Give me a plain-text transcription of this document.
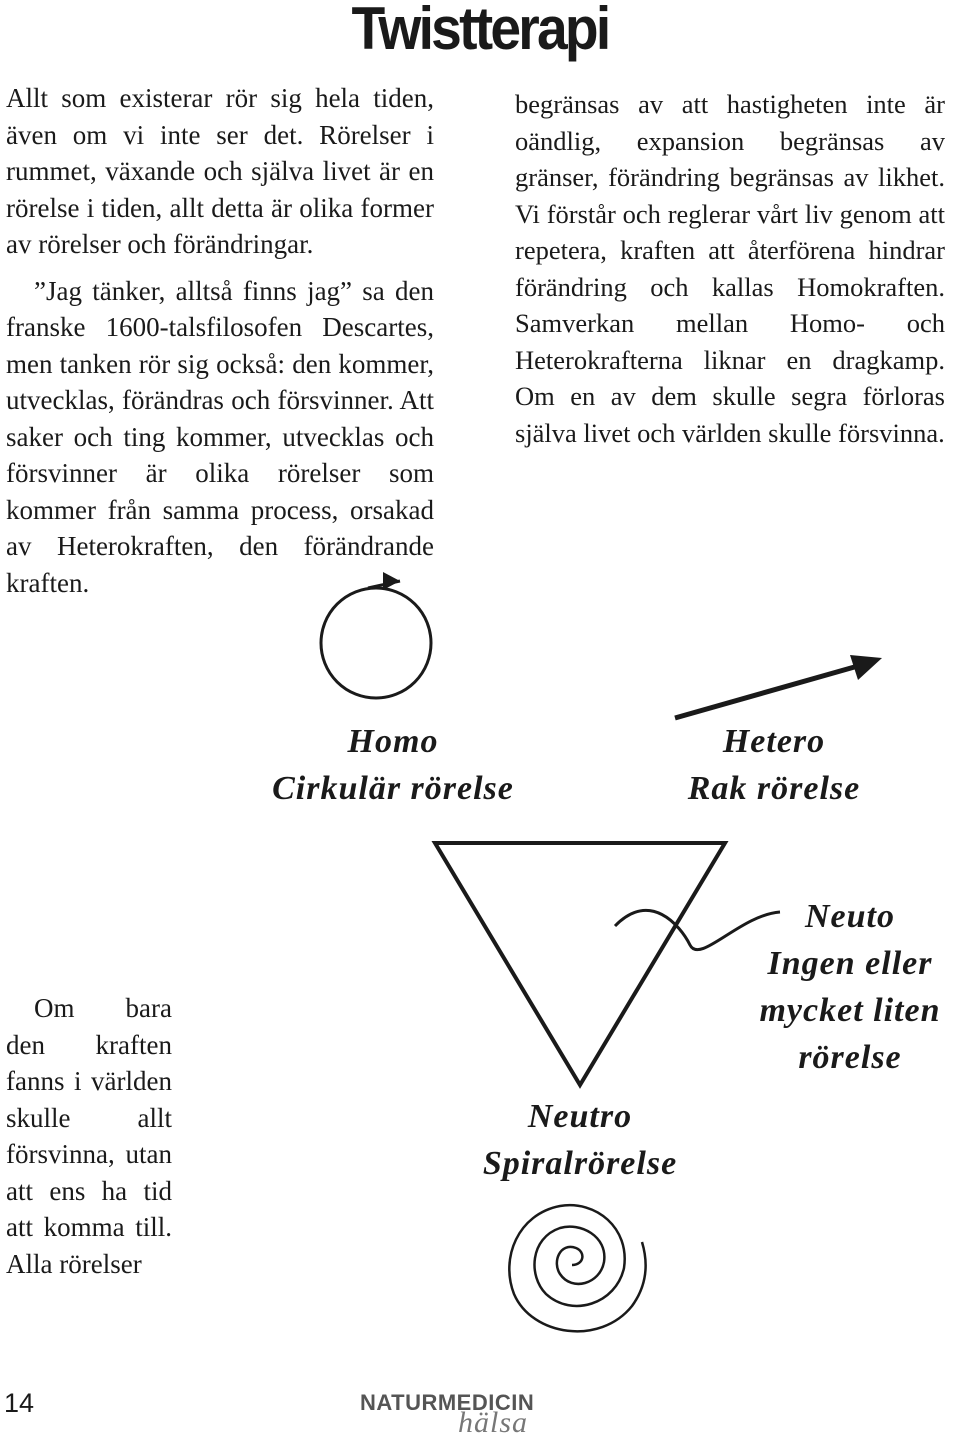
Twistterapi

Allt som existerar rör sig hela tiden, även om vi inte ser det. Rörelser i rummet, växande och själva livet är en rörelse i tiden, allt detta är olika former av rörelser och förändringar.

”Jag tänker, alltså finns jag” sa den franske 1600-talsfilosofen Descartes, men tanken rör sig också: den kommer, utvecklas, förändras och försvinner. Att saker och ting kommer, utvecklas och försvinner är olika rörelser som kommer från samma process, orsakad av Heterokraften, den förändrande kraften.

Om bara den kraften fanns i världen skulle allt försvinna, utan att ens ha tid att komma till. Alla rörelser

begränsas av att hastigheten inte är oändlig, expansion begränsas av gränser, förändring begränsas av likhet. Vi förstår och reglerar vårt liv genom att repetera, kraften att återförena hindrar förändring och kallas Homokraften. Samverkan mellan Homo- och Heterokrafterna liknar en dragkamp. Om en av dem skulle segra förloras själva livet och världen skulle försvinna.

Homo
Cirkulär rörelse
Hetero
Rak rörelse
Neuto
Ingen eller
mycket liten
rörelse
Neutro
Spiralrörelse
14	NATURMEDICIN
hälsa
